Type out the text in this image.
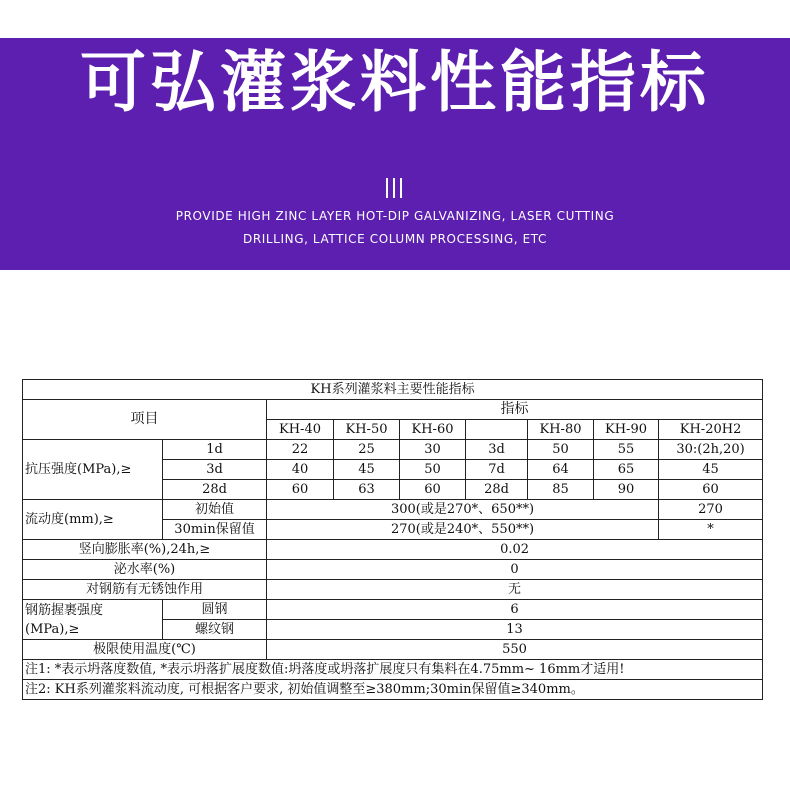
可弘灌浆料性能指标
PROVIDE HIGH ZINC LAYER HOT-DIP GALVANIZING, LASER CUTTING
DRILLING, LATTICE COLUMN PROCESSING, ETC
KH系列灌浆料主要性能指标								
项目		指标						
		KH-40	KH-50	KH-60		KH-80	KH-90	KH-20H2
抗压强度(MPa),≥	1d	22	25	30	3d	50	55	30:(2h,20)
	3d	40	45	50	7d	64	65	45
	28d	60	63	60	28d	85	90	60
流动度(mm),≥	初始值	300(或是270*、650**)						270
	30min保留值	270(或是240*、550**)						*
竖向膨胀率(%),24h,≥		0.02						
泌水率(%)		0						
对钢筋有无锈蚀作用		无						
钢筋握裹强度
(MPa),≥	圆钢	6						
	螺纹钢	13						
极限使用温度(℃)		550						
注1: *表示坍落度数值, *表示坍落扩展度数值:坍落度或坍落扩展度只有集料在4.75mm~ 16mm才适用!								
注2: KH系列灌浆料流动度, 可根据客户要求, 初始值调整至≥380mm;30min保留值≥340mm。								
